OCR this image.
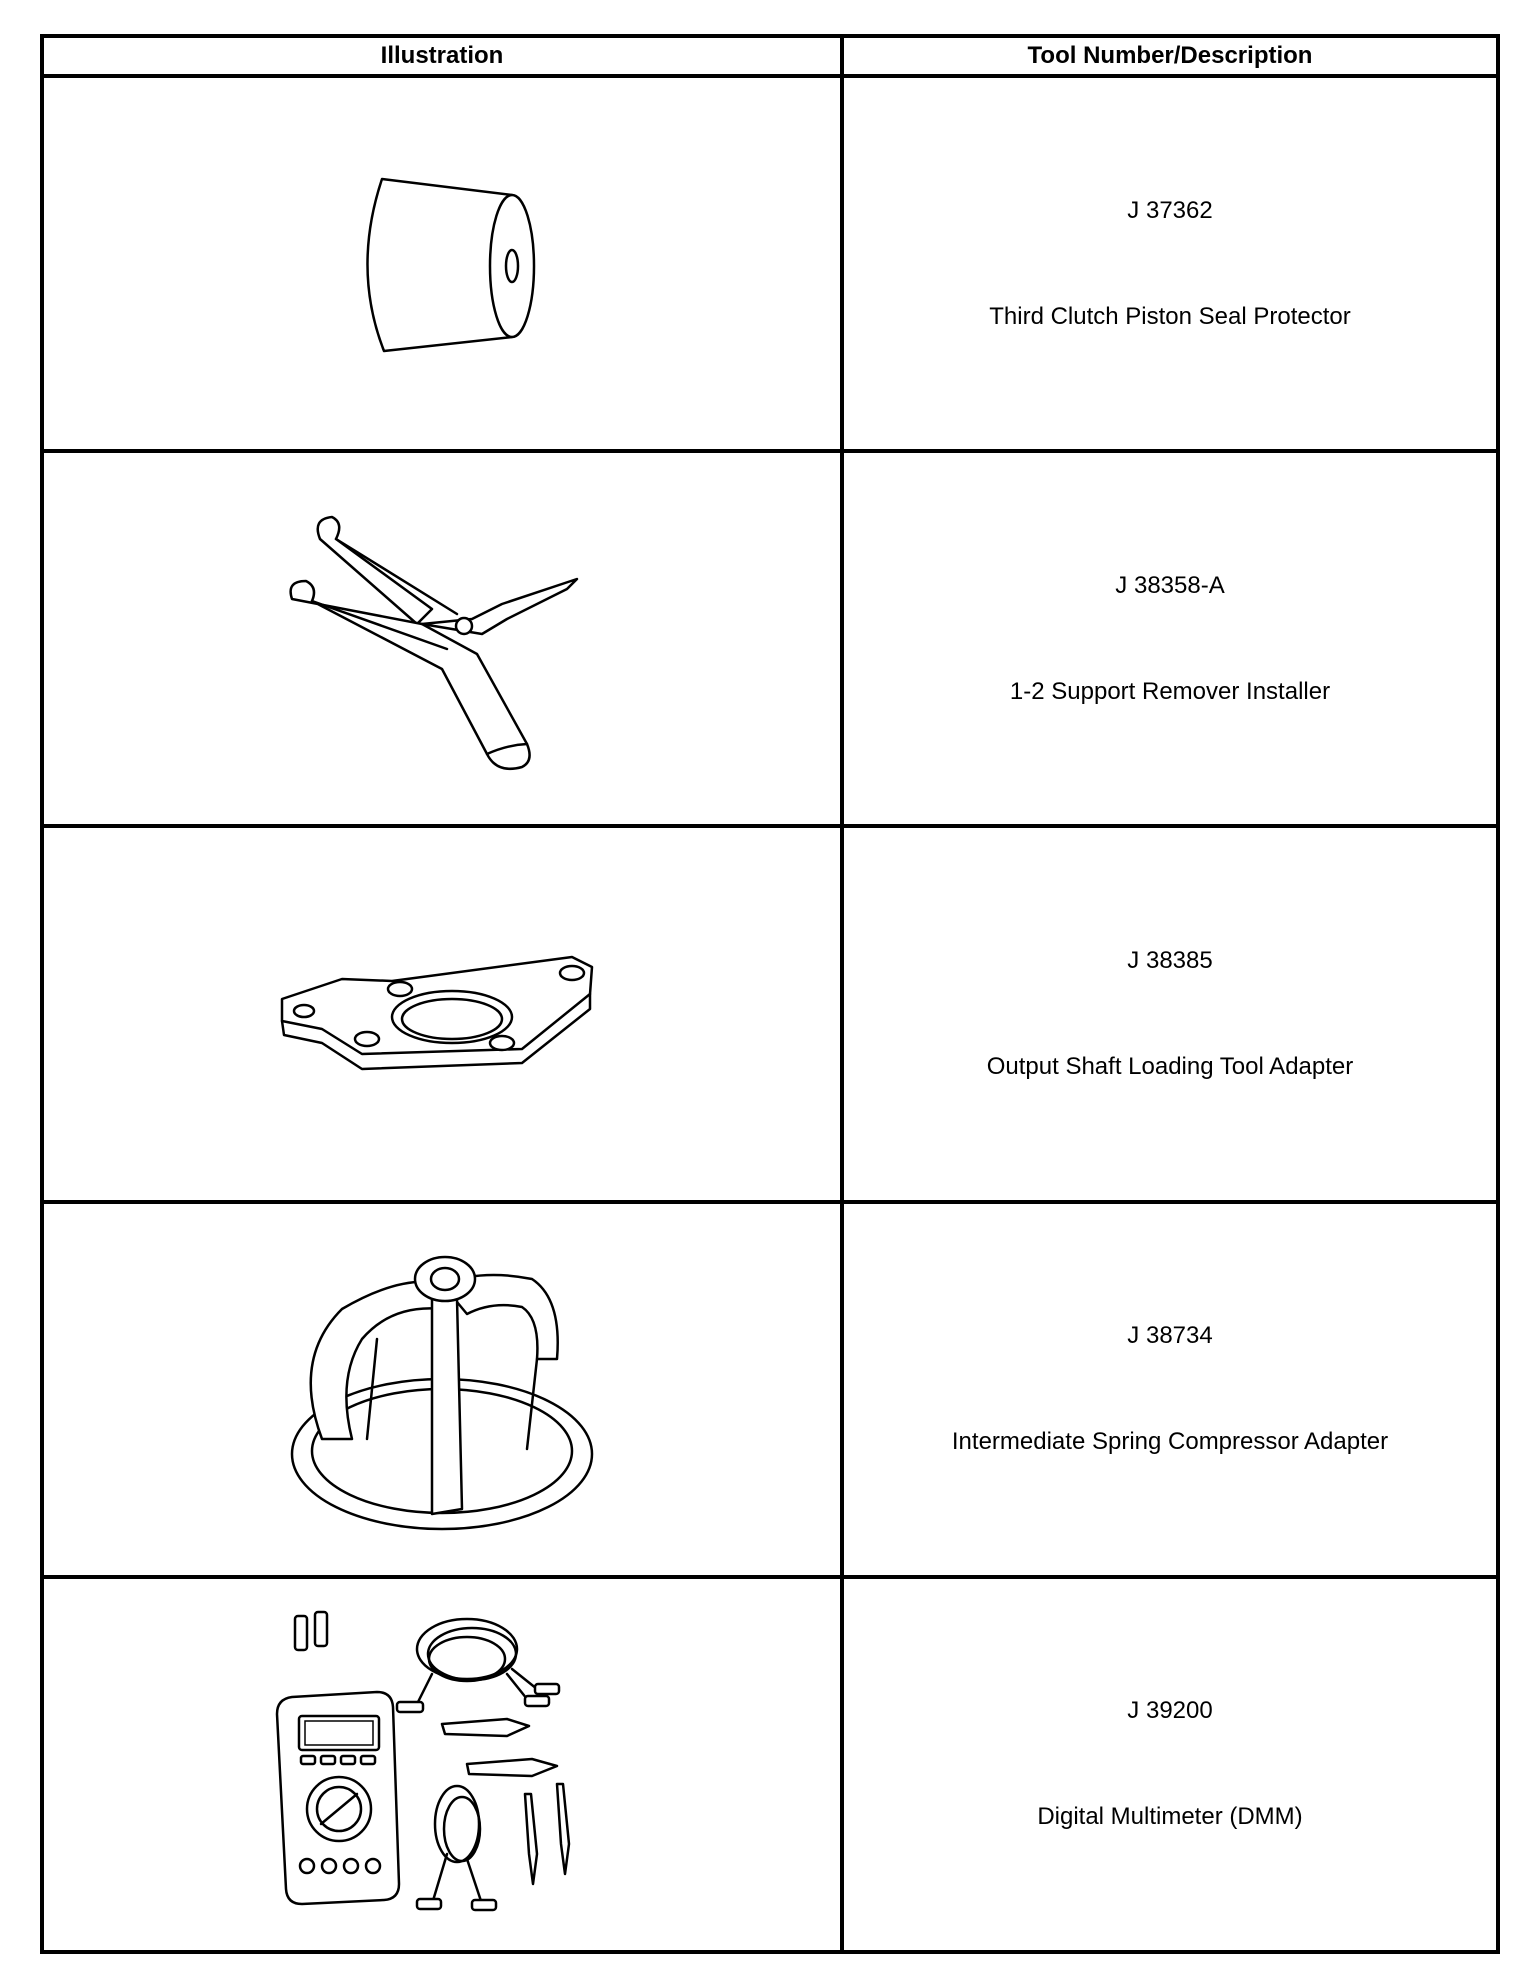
Illustration	Tool Number/Description

J 37362
Third Clutch Piston Seal Protector

J 38358-A
1-2 Support Remover Installer

J 38385
Output Shaft Loading Tool Adapter

J 38734
Intermediate Spring Compressor Adapter

J 39200
Digital Multimeter (DMM)
